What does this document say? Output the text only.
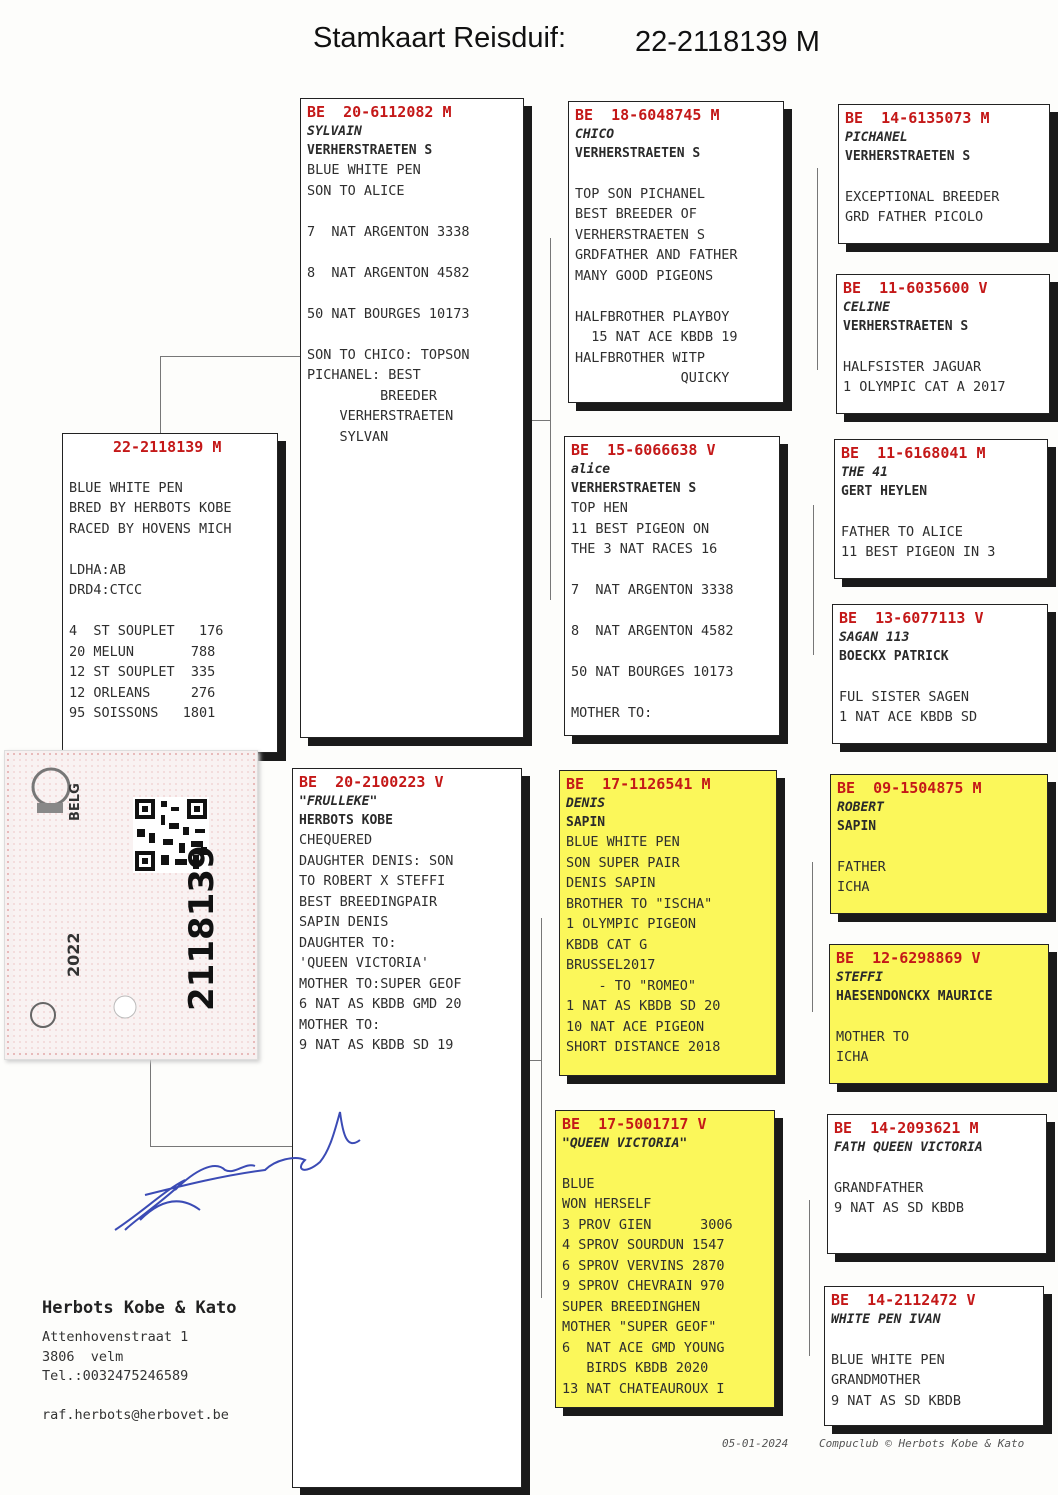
Stamkaart Reisduif: 22-2118139 M
22-2118139 M

BLUE WHITE PEN
BRED BY HERBOTS KOBE
RACED BY HOVENS MICH

LDHA:AB
DRD4:CTCC

4  ST SOUPLET   176
20 MELUN       788
12 ST SOUPLET  335
12 ORLEANS     276
95 SOISSONS   1801
BE  20-6112082 M
SYLVAIN
VERHERSTRAETEN S
BLUE WHITE PEN
SON TO ALICE

7  NAT ARGENTON 3338

8  NAT ARGENTON 4582

50 NAT BOURGES 10173

SON TO CHICO: TOPSON
PICHANEL: BEST
BREEDER
VERHERSTRAETEN
SYLVAN
BE  20-2100223 V
"FRULLEKE"
HERBOTS KOBE
CHEQUERED
DAUGHTER DENIS: SON
TO ROBERT X STEFFI
BEST BREEDINGPAIR
SAPIN DENIS
DAUGHTER TO:
'QUEEN VICTORIA'
MOTHER TO:SUPER GEOF
6 NAT AS KBDB GMD 20
MOTHER TO:
9 NAT AS KBDB SD 19
BE  18-6048745 M
CHICO
VERHERSTRAETEN S

TOP SON PICHANEL
BEST BREEDER OF
VERHERSTRAETEN S
GRDFATHER AND FATHER
MANY GOOD PIGEONS

HALFBROTHER PLAYBOY
15 NAT ACE KBDB 19
HALFBROTHER WITP
QUICKY
BE  15-6066638 V
alice
VERHERSTRAETEN S
TOP HEN
11 BEST PIGEON ON
THE 3 NAT RACES 16

7  NAT ARGENTON 3338

8  NAT ARGENTON 4582

50 NAT BOURGES 10173

MOTHER TO:
BE  17-1126541 M
DENIS
SAPIN
BLUE WHITE PEN
SON SUPER PAIR
DENIS SAPIN
BROTHER TO "ISCHA"
1 OLYMPIC PIGEON
KBDB CAT G
BRUSSEL2017
- TO "ROMEO"
1 NAT AS KBDB SD 20
10 NAT ACE PIGEON
SHORT DISTANCE 2018
BE  17-5001717 V
"QUEEN VICTORIA"

BLUE
WON HERSELF
3 PROV GIEN      3006
4 SPROV SOURDUN 1547
6 SPROV VERVINS 2870
9 SPROV CHEVRAIN 970
SUPER BREEDINGHEN
MOTHER "SUPER GEOF"
6  NAT ACE GMD YOUNG
BIRDS KBDB 2020
13 NAT CHATEAUROUX I
BE  14-6135073 M
PICHANEL
VERHERSTRAETEN S

EXCEPTIONAL BREEDER
GRD FATHER PICOLO
BE  11-6035600 V
CELINE
VERHERSTRAETEN S

HALFSISTER JAGUAR
1 OLYMPIC CAT A 2017
BE  11-6168041 M
THE 41
GERT HEYLEN

FATHER TO ALICE
11 BEST PIGEON IN 3
BE  13-6077113 V
SAGAN 113
BOECKX PATRICK

FUL SISTER SAGEN
1 NAT ACE KBDB SD
BE  09-1504875 M
ROBERT
SAPIN

FATHER
ICHA
BE  12-6298869 V
STEFFI
HAESENDONCKX MAURICE

MOTHER TO
ICHA
BE  14-2093621 M
FATH QUEEN VICTORIA

GRANDFATHER
9 NAT AS SD KBDB
BE  14-2112472 V
WHITE PEN IVAN

BLUE WHITE PEN
GRANDMOTHER
9 NAT AS SD KBDB
BELG
2022	2118139
Herbots Kobe & Kato
Attenhovenstraat 1
3806  velm
Tel.:0032475246589

raf.herbots@herbovet.be
05-01-2024	Compuclub © Herbots Kobe & Kato
